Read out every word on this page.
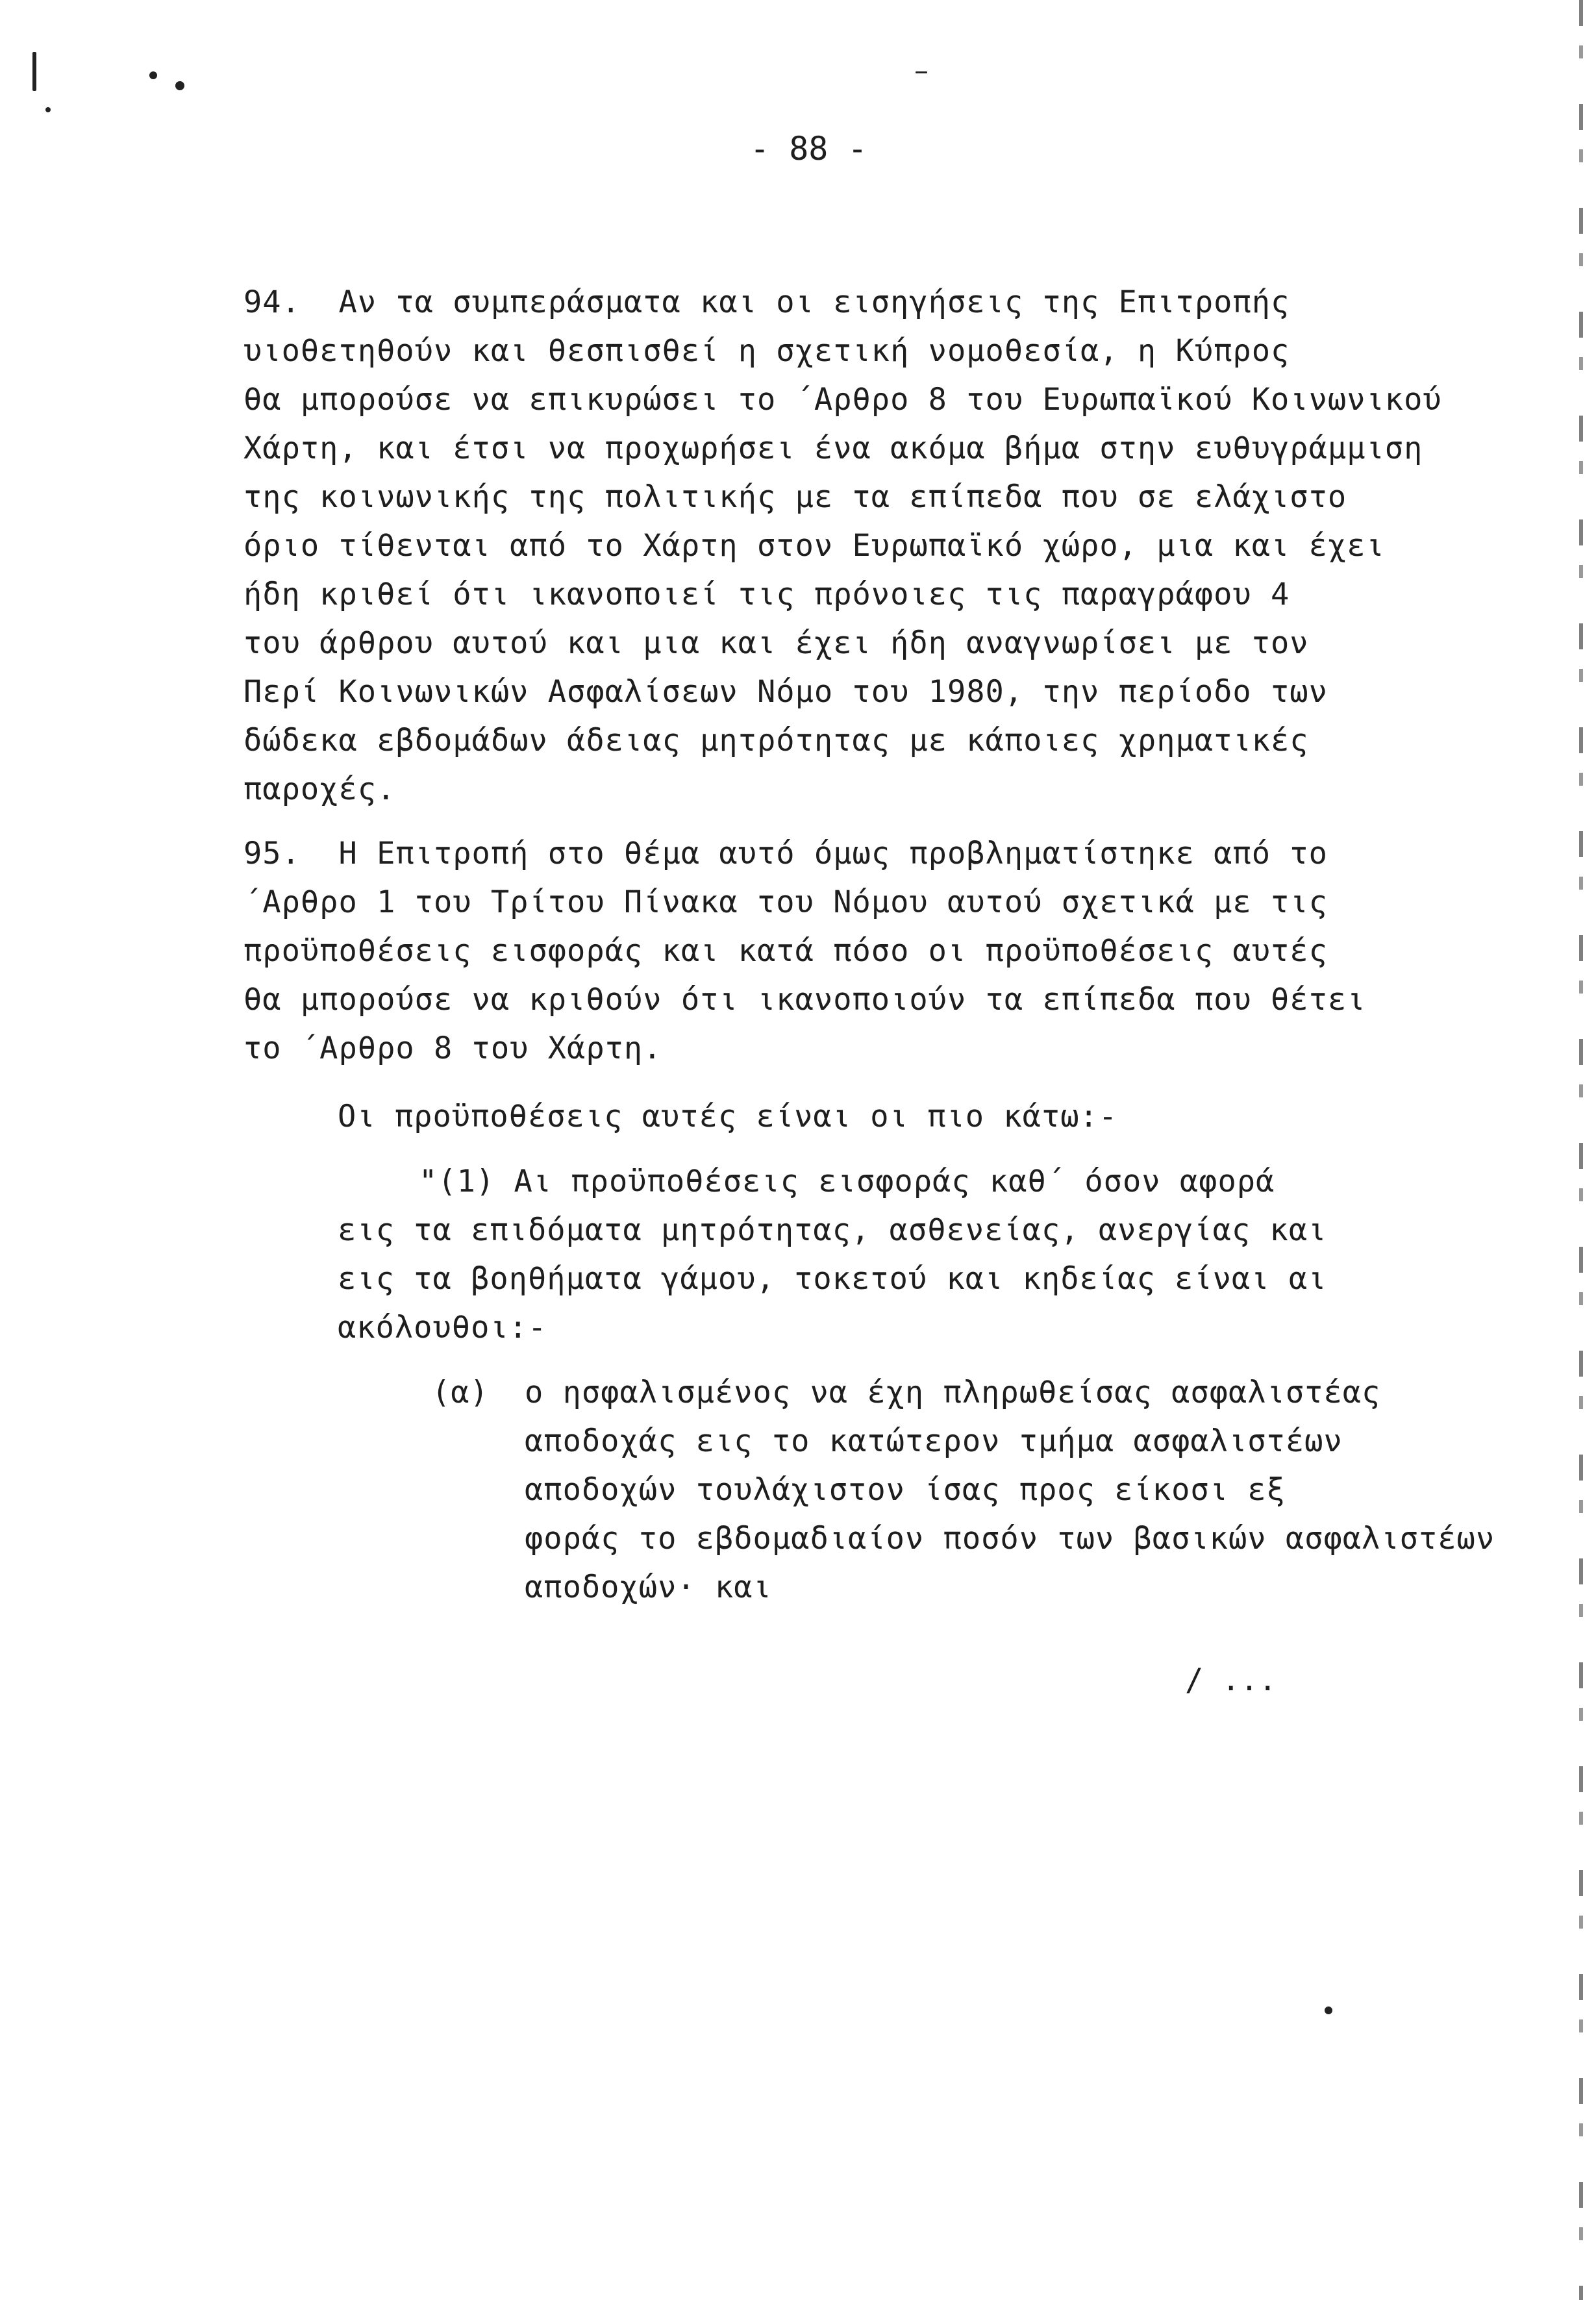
- 88 -
94.  Αν τα συμπεράσματα και οι εισηγήσεις της Επιτροπής
υιοθετηθούν και θεσπισθεί η σχετική νομοθεσία, η Κύπρος
θα μπορούσε να επικυρώσει το ΄Αρθρο 8 του Ευρωπαϊκού Κοινωνικού
Χάρτη, και έτσι να προχωρήσει ένα ακόμα βήμα στην ευθυγράμμιση
της κοινωνικής της πολιτικής με τα επίπεδα που σε ελάχιστο
όριο τίθενται από το Χάρτη στον Ευρωπαϊκό χώρο, μια και έχει
ήδη κριθεί ότι ικανοποιεί τις πρόνοιες τις παραγράφου 4
του άρθρου αυτού και μια και έχει ήδη αναγνωρίσει με τον
Περί Κοινωνικών Ασφαλίσεων Νόμο του 1980, την περίοδο των
δώδεκα εβδομάδων άδειας μητρότητας με κάποιες χρηματικές
παροχές.
95.  Η Επιτροπή στο θέμα αυτό όμως προβληματίστηκε από το
΄Αρθρο 1 του Τρίτου Πίνακα του Νόμου αυτού σχετικά με τις
προϋποθέσεις εισφοράς και κατά πόσο οι προϋποθέσεις αυτές
θα μπορούσε να κριθούν ότι ικανοποιούν τα επίπεδα που θέτει
το ΄Αρθρο 8 του Χάρτη.
Οι προϋποθέσεις αυτές είναι οι πιο κάτω:-
"(1) Αι προϋποθέσεις εισφοράς καθ΄ όσον αφορά
εις τα επιδόματα μητρότητας, ασθενείας, ανεργίας και
εις τα βοηθήματα γάμου, τοκετού και κηδείας είναι αι
ακόλουθοι:-
(α) ο ησφαλισμένος να έχη πληρωθείσας ασφαλιστέας
αποδοχάς εις το κατώτερον τμήμα ασφαλιστέων
αποδοχών τουλάχιστον ίσας προς είκοσι εξ
φοράς το εβδομαδιαίον ποσόν των βασικών ασφαλιστέων
αποδοχών· και
/ ...
